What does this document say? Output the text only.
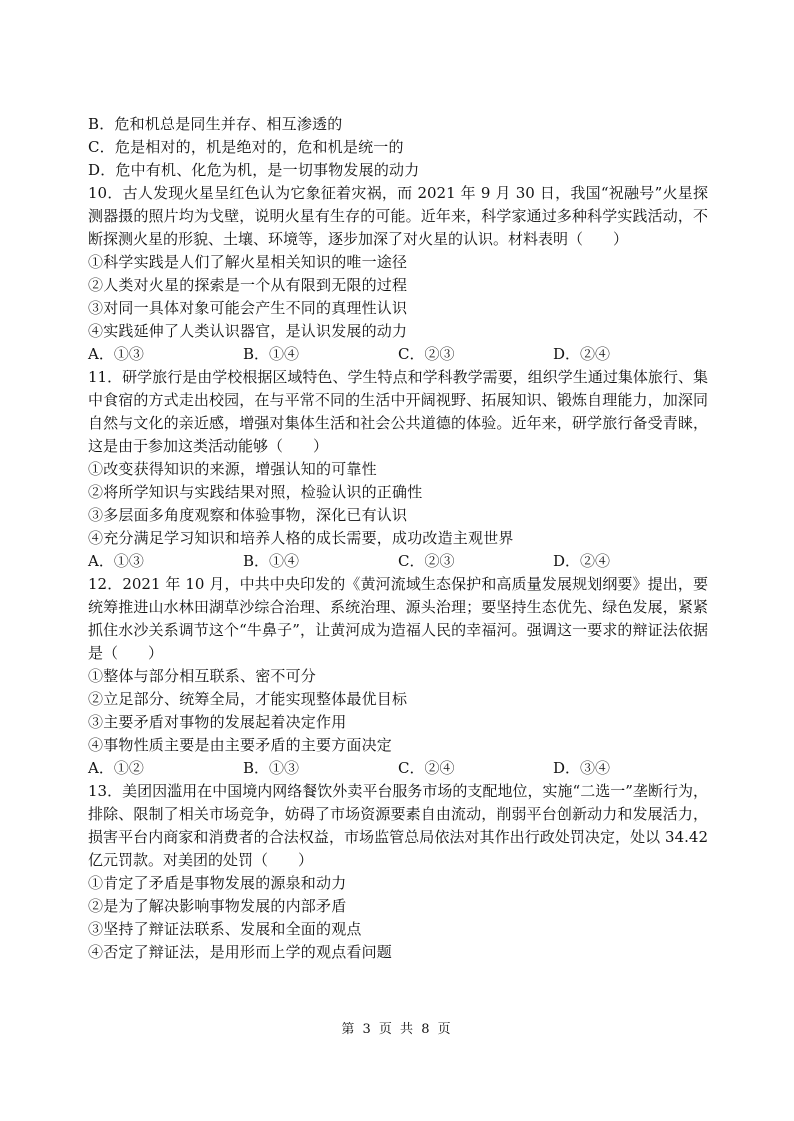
B．危和机总是同生并存、相互渗透的
C．危是相对的，机是绝对的，危和机是统一的
D．危中有机、化危为机，是一切事物发展的动力
10．古人发现火星呈红色认为它象征着灾祸，而 2021 年 9 月 30 日，我国“祝融号”火星探测器摄的照片均为戈壁，说明火星有生存的可能。近年来，科学家通过多种科学实践活动，不断探测火星的形貌、土壤、环境等，逐步加深了对火星的认识。材料表明（　　）
①科学实践是人们了解火星相关知识的唯一途径
②人类对火星的探索是一个从有限到无限的过程
③对同一具体对象可能会产生不同的真理性认识
④实践延伸了人类认识器官，是认识发展的动力
A．①③	B．①④	C．②③	D．②④
11．研学旅行是由学校根据区域特色、学生特点和学科教学需要，组织学生通过集体旅行、集中食宿的方式走出校园，在与平常不同的生活中开阔视野、拓展知识、锻炼自理能力，加深同自然与文化的亲近感，增强对集体生活和社会公共道德的体验。近年来，研学旅行备受青睐，这是由于参加这类活动能够（　　）
①改变获得知识的来源，增强认知的可靠性
②将所学知识与实践结果对照，检验认识的正确性
③多层面多角度观察和体验事物，深化已有认识
④充分满足学习知识和培养人格的成长需要，成功改造主观世界
A．①③	B．①④	C．②③	D．②④
12．2021 年 10 月，中共中央印发的《黄河流域生态保护和高质量发展规划纲要》提出，要统筹推进山水林田湖草沙综合治理、系统治理、源头治理；要坚持生态优先、绿色发展，紧紧抓住水沙关系调节这个“牛鼻子”，让黄河成为造福人民的幸福河。强调这一要求的辩证法依据是（　　）
①整体与部分相互联系、密不可分
②立足部分、统筹全局，才能实现整体最优目标
③主要矛盾对事物的发展起着决定作用
④事物性质主要是由主要矛盾的主要方面决定
A．①②	B．①③	C．②④	D．③④
13．美团因滥用在中国境内网络餐饮外卖平台服务市场的支配地位，实施“二选一”垄断行为，排除、限制了相关市场竞争，妨碍了市场资源要素自由流动，削弱平台创新动力和发展活力，损害平台内商家和消费者的合法权益，市场监管总局依法对其作出行政处罚决定，处以 34.42 亿元罚款。对美团的处罚（　　）
①肯定了矛盾是事物发展的源泉和动力
②是为了解决影响事物发展的内部矛盾
③坚持了辩证法联系、发展和全面的观点
④否定了辩证法，是用形而上学的观点看问题
第 3 页 共 8 页
